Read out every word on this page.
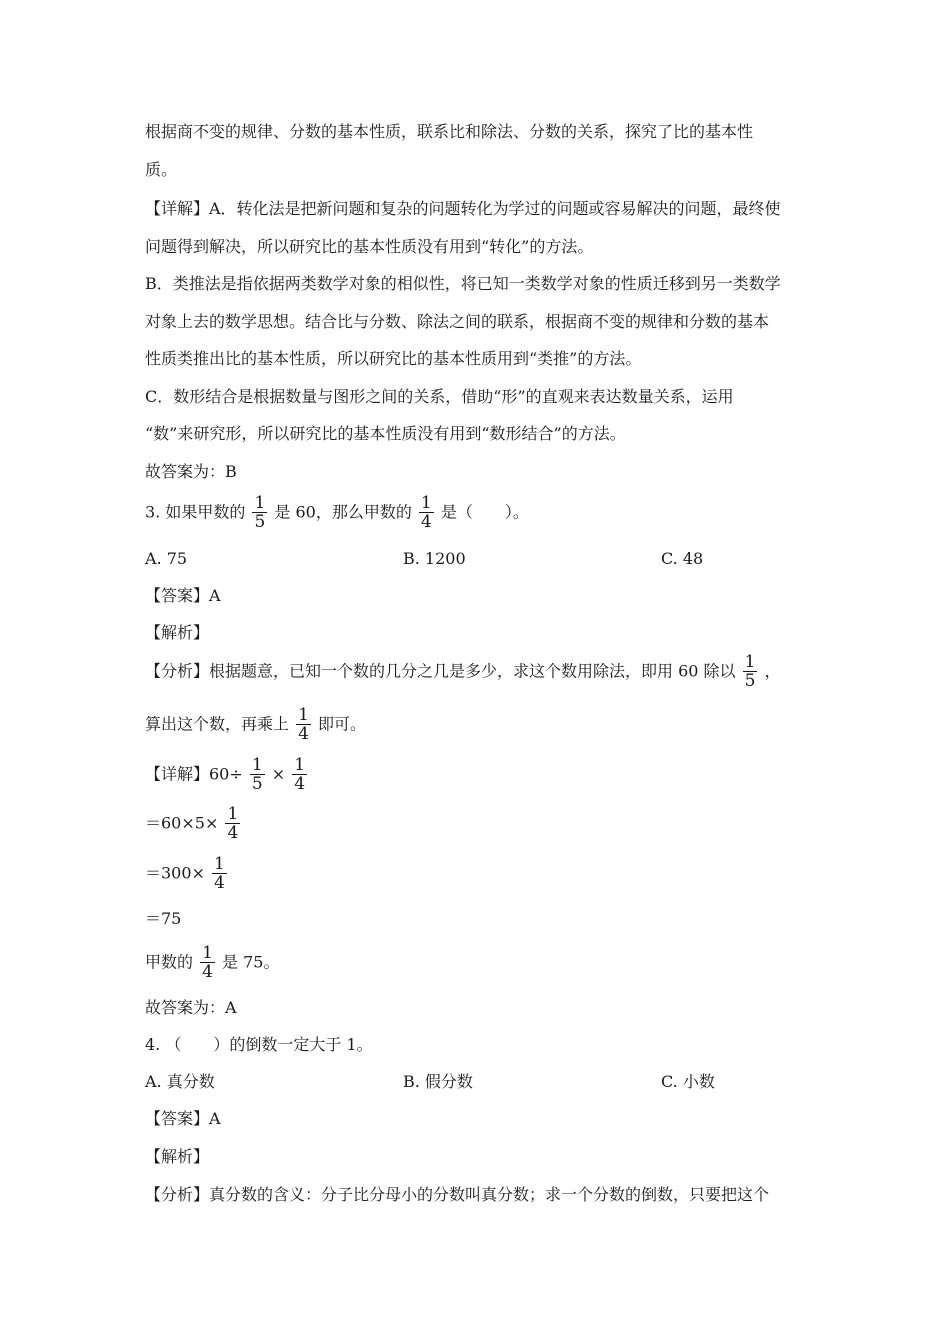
根据商不变的规律、分数的基本性质，联系比和除法、分数的关系，探究了比的基本性
质。
【详解】A．转化法是把新问题和复杂的问题转化为学过的问题或容易解决的问题，最终使
问题得到解决，所以研究比的基本性质没有用到“转化”的方法。
B．类推法是指依据两类数学对象的相似性，将已知一类数学对象的性质迁移到另一类数学
对象上去的数学思想。结合比与分数、除法之间的联系，根据商不变的规律和分数的基本
性质类推出比的基本性质，所以研究比的基本性质用到“类推”的方法。
C．数形结合是根据数量与图形之间的关系，借助“形”的直观来表达数量关系，运用
“数”来研究形，所以研究比的基本性质没有用到“数形结合”的方法。
故答案为：B
3. 如果甲数的 $\frac{1}{5}$ 是 60，那么甲数的 $\frac{1}{4}$ 是（　　）。
A. 75	B. 1200	C. 48
【答案】A
【解析】
【分析】根据题意，已知一个数的几分之几是多少，求这个数用除法，即用 60 除以 $\frac{1}{5}$ ，
算出这个数，再乘上 $\frac{1}{4}$ 即可。
【详解】$60\div \frac{1}{5} \times \frac{1}{4}$
$=60\times 5\times \frac{1}{4}$
$=300\times \frac{1}{4}$
＝75
甲数的 $\frac{1}{4}$ 是 75。
故答案为：A
4. （　　）的倒数一定大于 1。
A. 真分数	B. 假分数	C. 小数
【答案】A
【解析】
【分析】真分数的含义：分子比分母小的分数叫真分数；求一个分数的倒数，只要把这个
